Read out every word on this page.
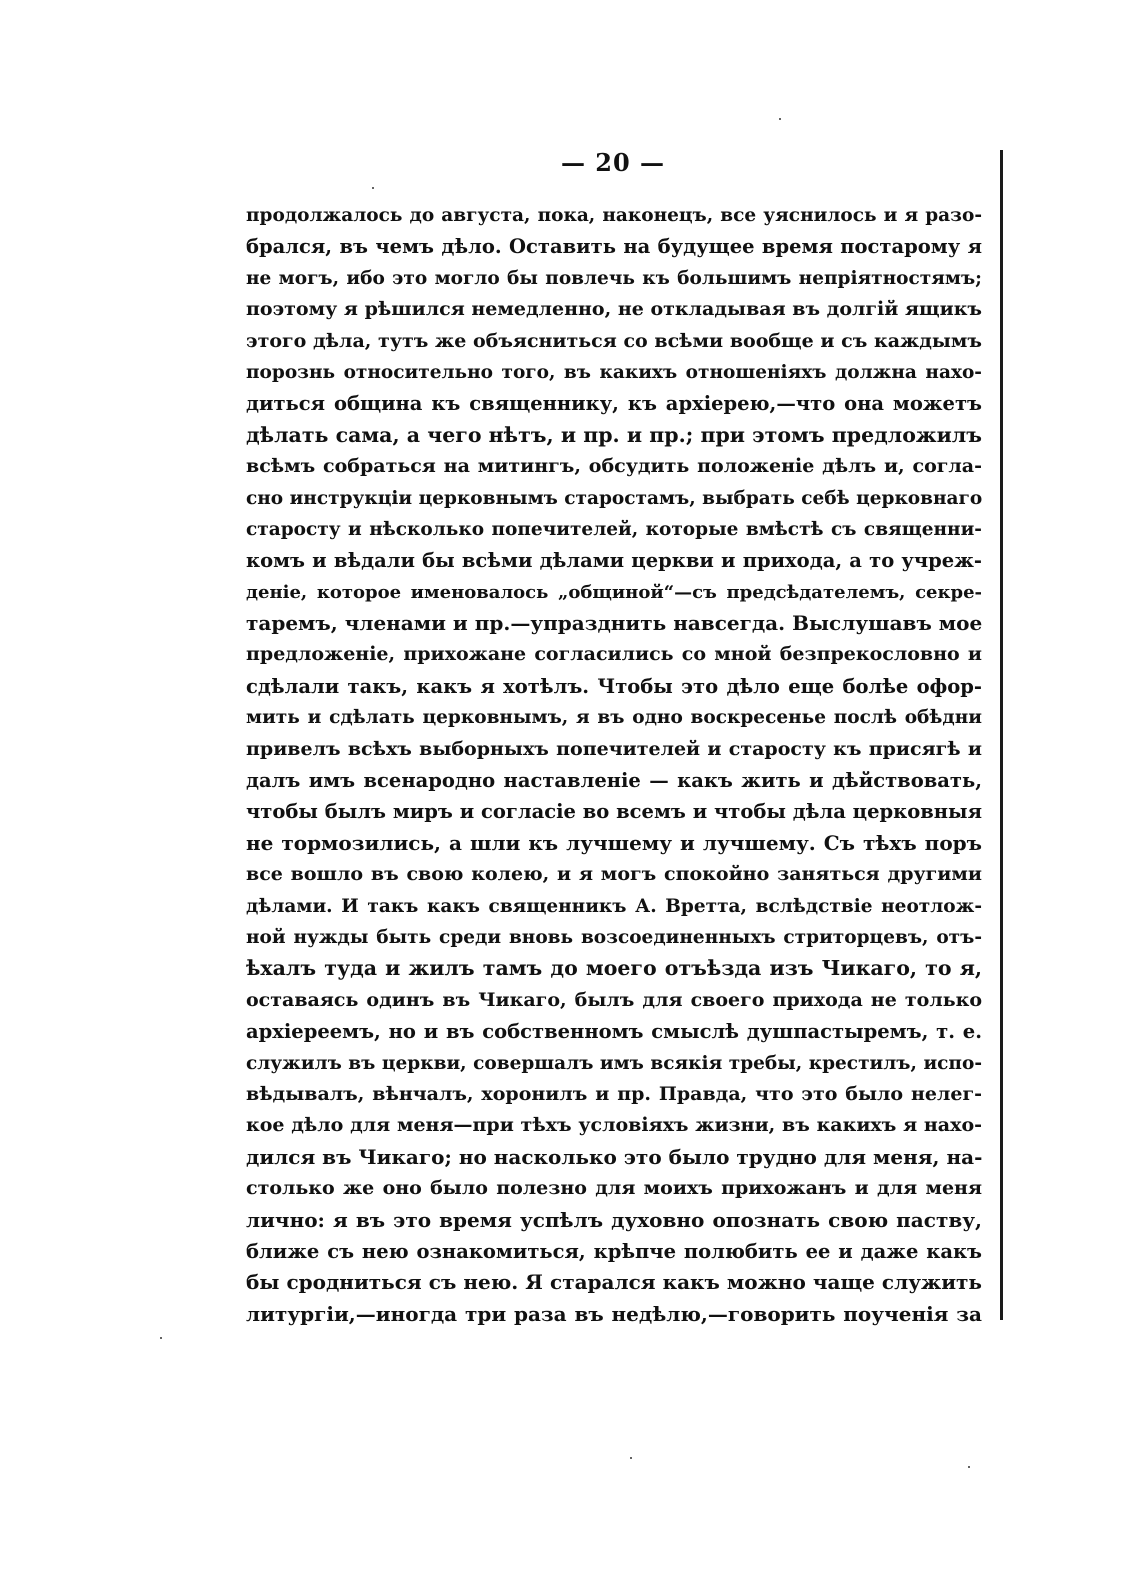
— 20 —
продолжалось до августа, пока, наконецъ, все уяснилось и я разо-
брался, въ чемъ дѣло. Оставить на будущее время постарому я
не могъ, ибо это могло бы повлечь къ большимъ непріятностямъ;
поэтому я рѣшился немедленно, не откладывая въ долгій ящикъ
этого дѣла, тутъ же объясниться со всѣми вообще и съ каждымъ
порознь относительно того, въ какихъ отношеніяхъ должна нахо-
диться община къ священнику, къ архіерею,—что она можетъ
дѣлать сама, а чего нѣтъ, и пр. и пр.; при этомъ предложилъ
всѣмъ собраться на митингъ, обсудить положеніе дѣлъ и, согла-
сно инструкціи церковнымъ старостамъ, выбрать себѣ церковнаго
старосту и нѣсколько попечителей, которые вмѣстѣ съ священни-
комъ и вѣдали бы всѣми дѣлами церкви и прихода, а то учреж-
деніе, которое именовалось „общиной“—съ предсѣдателемъ, секре-
таремъ, членами и пр.—упразднить навсегда. Выслушавъ мое
предложеніе, прихожане согласились со мной безпрекословно и
сдѣлали такъ, какъ я хотѣлъ. Чтобы это дѣло еще болѣе офор-
мить и сдѣлать церковнымъ, я въ одно воскресенье послѣ обѣдни
привелъ всѣхъ выборныхъ попечителей и старосту къ присягѣ и
далъ имъ всенародно наставленіе — какъ жить и дѣйствовать,
чтобы былъ миръ и согласіе во всемъ и чтобы дѣла церковныя
не тормозились, а шли къ лучшему и лучшему. Съ тѣхъ поръ
все вошло въ свою колею, и я могъ спокойно заняться другими
дѣлами. И такъ какъ священникъ А. Вретта, вслѣдствіе неотлож-
ной нужды быть среди вновь возсоединенныхъ стриторцевъ, отъ-
ѣхалъ туда и жилъ тамъ до моего отъѣзда изъ Чикаго, то я,
оставаясь одинъ въ Чикаго, былъ для своего прихода не только
архіереемъ, но и въ собственномъ смыслѣ душпастыремъ, т. е.
служилъ въ церкви, совершалъ имъ всякія требы, крестилъ, испо-
вѣдывалъ, вѣнчалъ, хоронилъ и пр. Правда, что это было нелег-
кое дѣло для меня—при тѣхъ условіяхъ жизни, въ какихъ я нахо-
дился въ Чикаго; но насколько это было трудно для меня, на-
столько же оно было полезно для моихъ прихожанъ и для меня
лично: я въ это время успѣлъ духовно опознать свою паству,
ближе съ нею ознакомиться, крѣпче полюбить ее и даже какъ
бы сродниться съ нею. Я старался какъ можно чаще служить
литургіи,—иногда три раза въ недѣлю,—говорить поученія за
